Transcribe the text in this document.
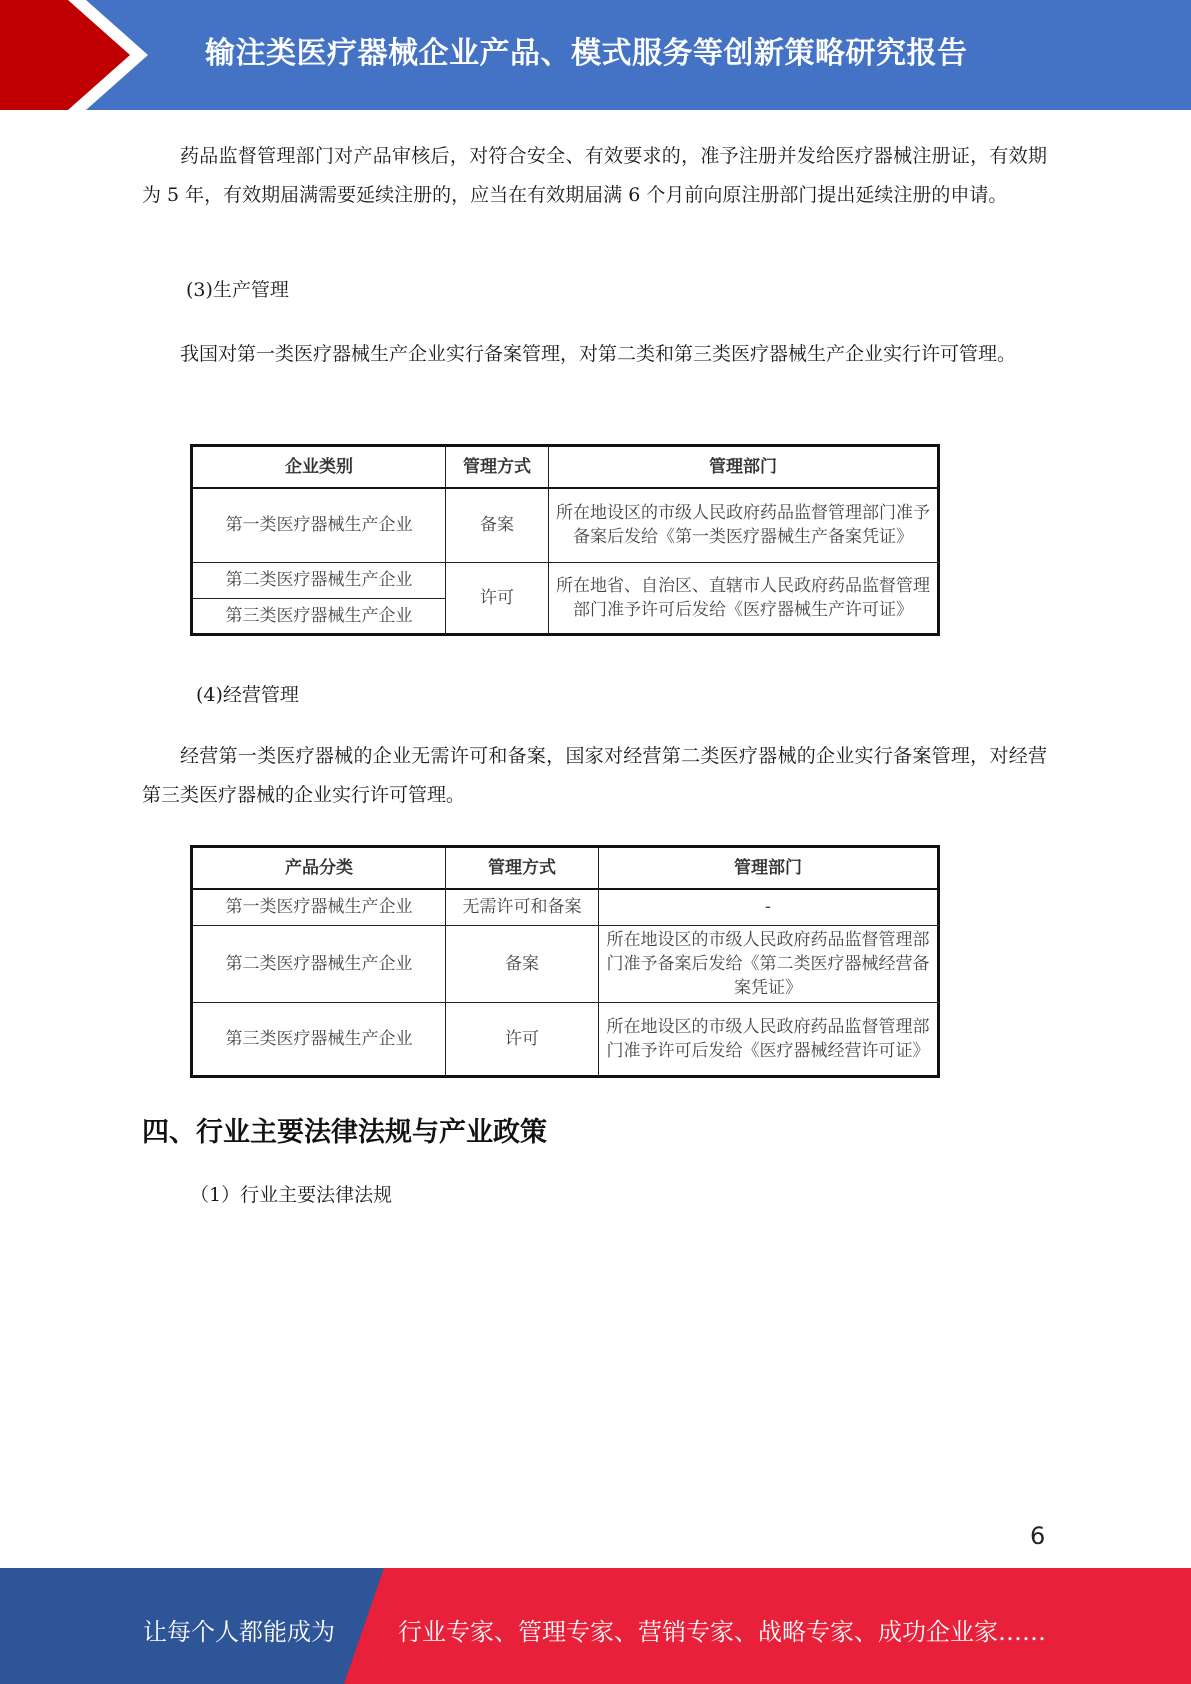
输注类医疗器械企业产品、模式服务等创新策略研究报告

药品监督管理部门对产品审核后，对符合安全、有效要求的，准予注册并发给医疗器械注册证，有效期为 5 年，有效期届满需要延续注册的，应当在有效期届满 6 个月前向原注册部门提出延续注册的申请。

(3)生产管理

我国对第一类医疗器械生产企业实行备案管理，对第二类和第三类医疗器械生产企业实行许可管理。

企业类别	管理方式	管理部门
第一类医疗器械生产企业	备案	所在地设区的市级人民政府药品监督管理部门准予备案后发给《第一类医疗器械生产备案凭证》
第二类医疗器械生产企业	许可	所在地省、自治区、直辖市人民政府药品监督管理部门准予许可后发给《医疗器械生产许可证》
第三类医疗器械生产企业		

(4)经营管理

经营第一类医疗器械的企业无需许可和备案，国家对经营第二类医疗器械的企业实行备案管理，对经营第三类医疗器械的企业实行许可管理。

产品分类	管理方式	管理部门
第一类医疗器械生产企业	无需许可和备案	-
第二类医疗器械生产企业	备案	所在地设区的市级人民政府药品监督管理部门准予备案后发给《第二类医疗器械经营备案凭证》
第三类医疗器械生产企业	许可	所在地设区的市级人民政府药品监督管理部门准予许可后发给《医疗器械经营许可证》
四、行业主要法律法规与产业政策

（1）行业主要法律法规

6
让每个人都能成为	行业专家、管理专家、营销专家、战略专家、成功企业家……
